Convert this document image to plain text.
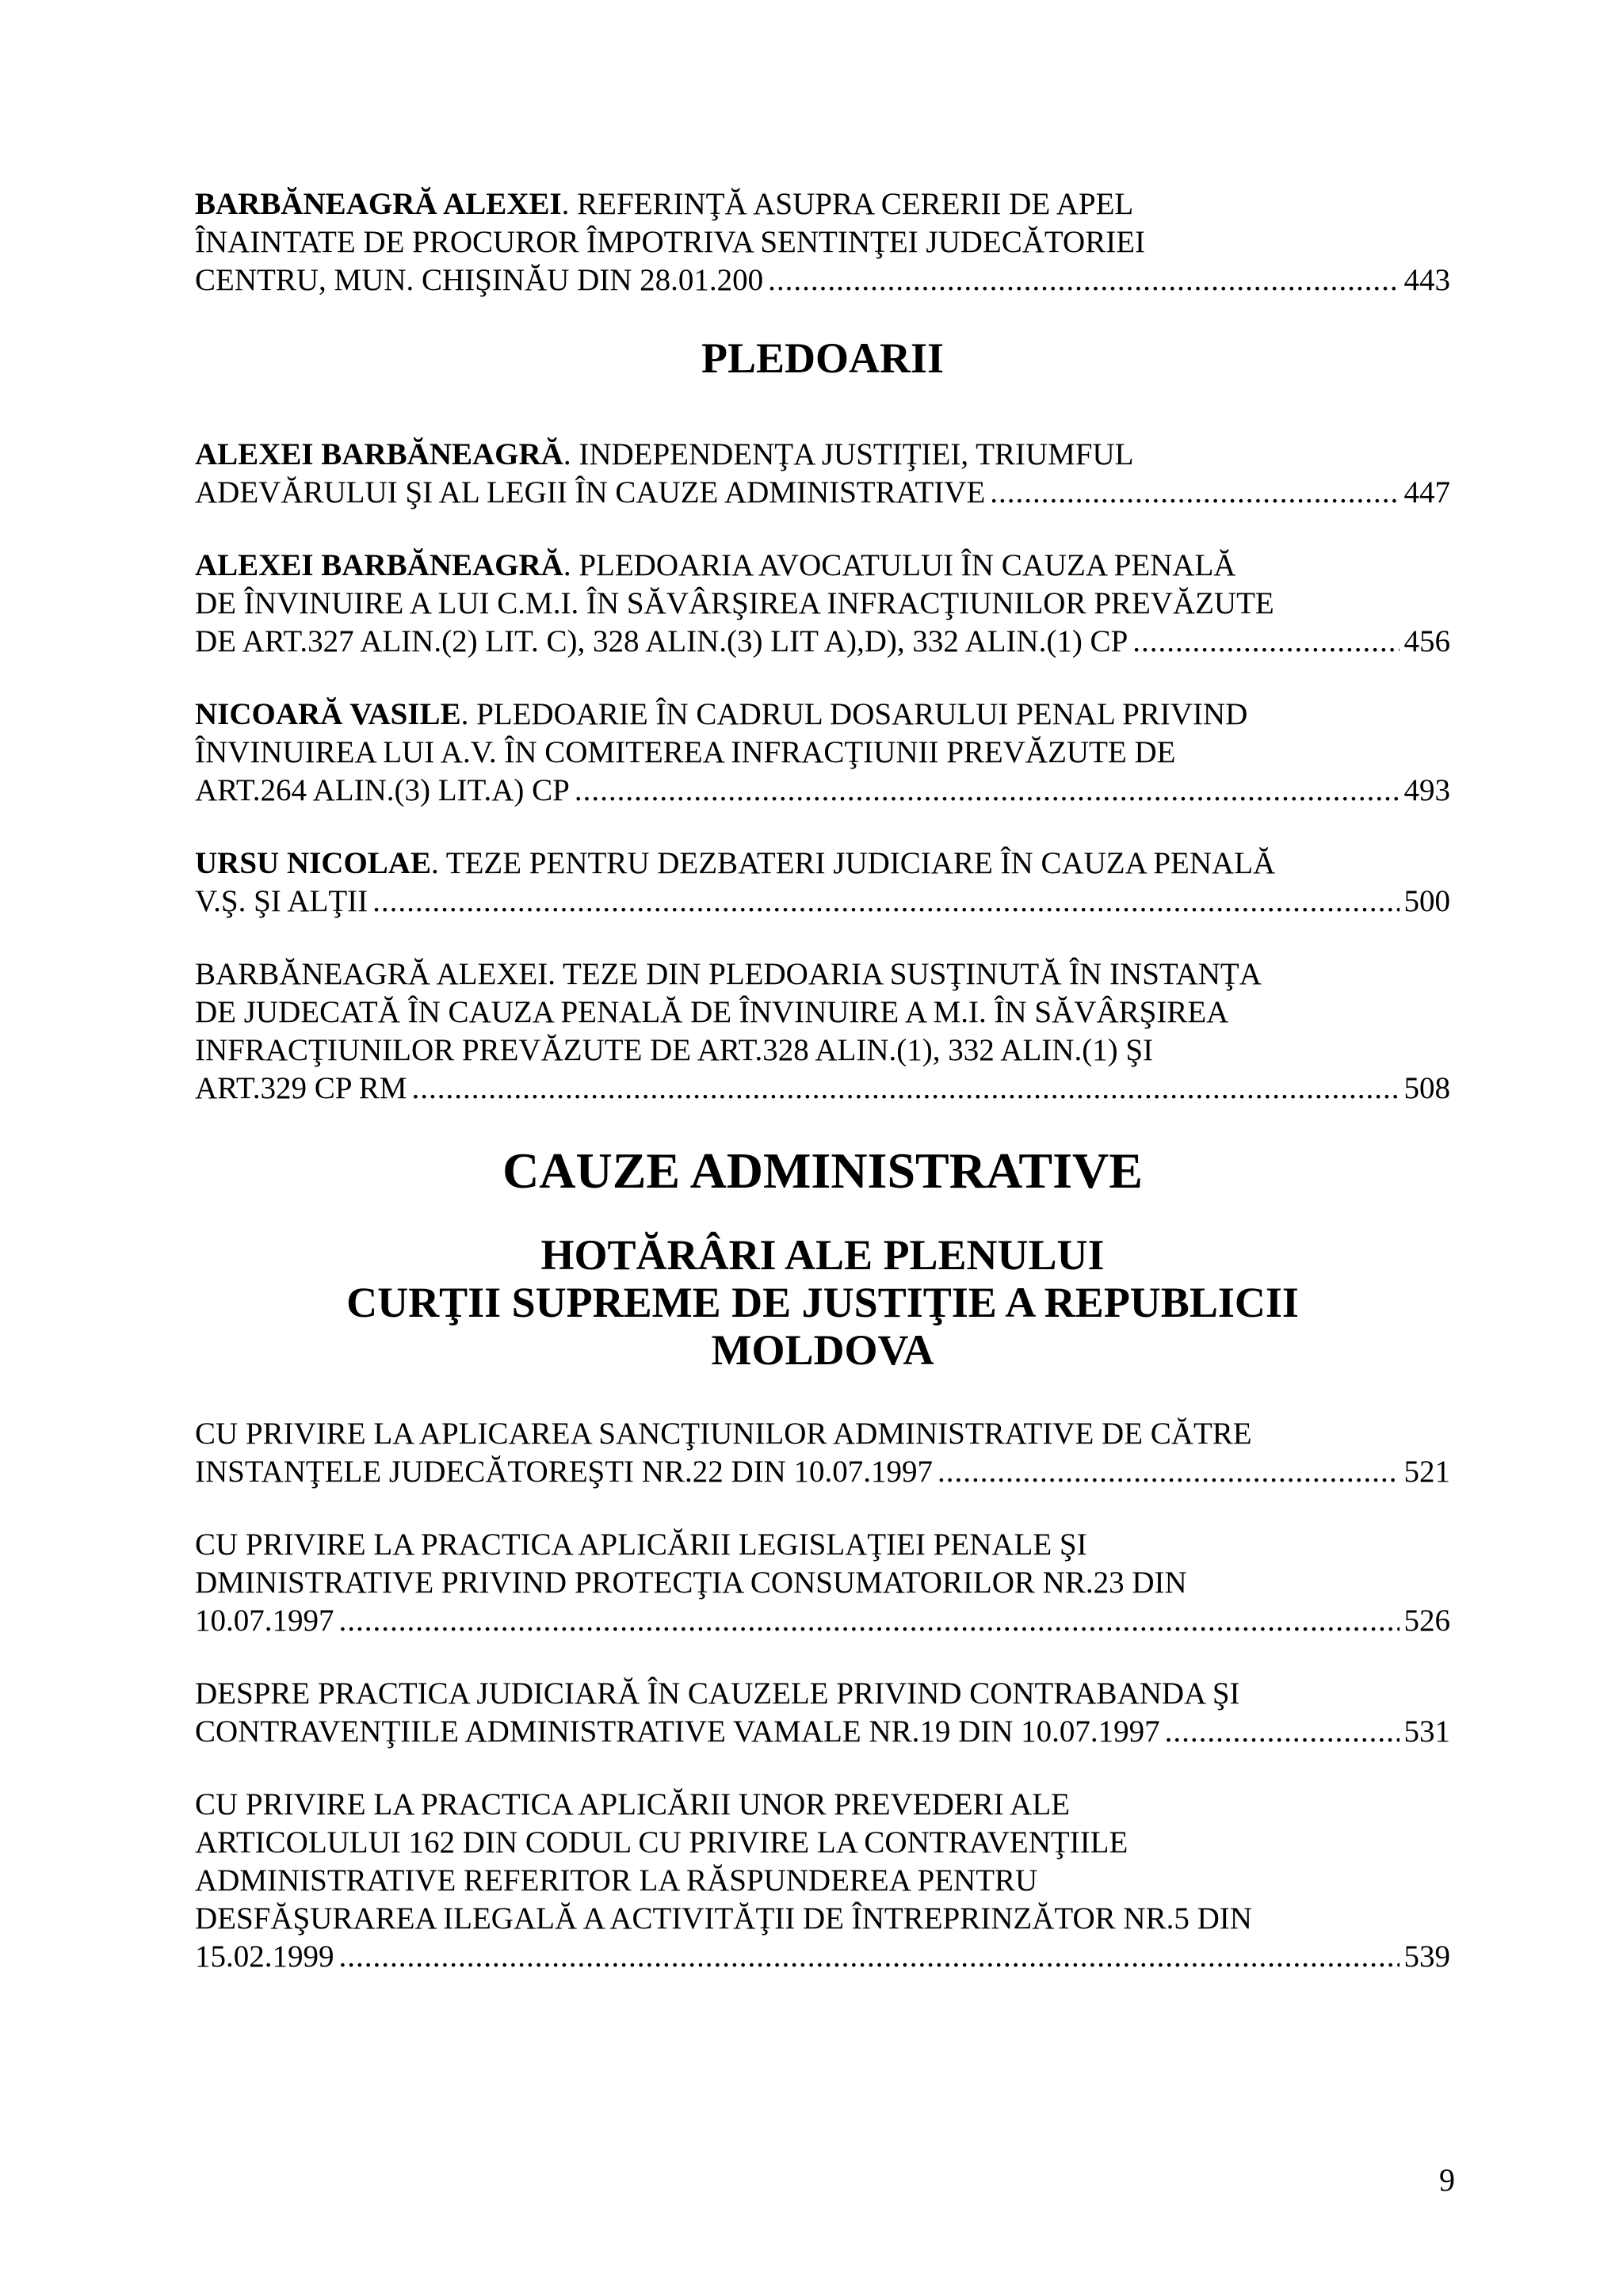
BARBĂNEAGRĂ ALEXEI. REFERINŢĂ ASUPRA CERERII DE APEL
ÎNAINTATE DE PROCUROR ÎMPOTRIVA SENTINŢEI JUDECĂTORIEI
CENTRU, MUN. CHIŞINĂU DIN 28.01.200 .....	443
PLEDOARII
ALEXEI BARBĂNEAGRĂ. INDEPENDENŢA JUSTIŢIEI, TRIUMFUL
ADEVĂRULUI ŞI AL LEGII ÎN CAUZE ADMINISTRATIVE .....	447
ALEXEI BARBĂNEAGRĂ. PLEDOARIA AVOCATULUI ÎN CAUZA PENALĂ
DE ÎNVINUIRE A LUI C.M.I. ÎN SĂVÂRŞIREA INFRACŢIUNILOR PREVĂZUTE
DE ART.327 ALIN.(2) LIT. C), 328 ALIN.(3) LIT A),D), 332 ALIN.(1) CP .....	456
NICOARĂ VASILE. PLEDOARIE ÎN CADRUL DOSARULUI PENAL PRIVIND
ÎNVINUIREA LUI A.V. ÎN COMITEREA INFRACŢIUNII PREVĂZUTE DE
ART.264 ALIN.(3) LIT.A) CP .....	493
URSU NICOLAE. TEZE PENTRU DEZBATERI JUDICIARE ÎN CAUZA PENALĂ
V.Ş. ŞI ALŢII .....	500
BARBĂNEAGRĂ ALEXEI. TEZE DIN PLEDOARIA SUSŢINUTĂ ÎN INSTANŢA
DE JUDECATĂ ÎN CAUZA PENALĂ DE ÎNVINUIRE A M.I. ÎN SĂVÂRŞIREA
INFRACŢIUNILOR PREVĂZUTE DE ART.328 ALIN.(1), 332 ALIN.(1) ŞI
ART.329 CP RM .....	508
CAUZE ADMINISTRATIVE
HOTĂRÂRI ALE PLENULUI
CURŢII SUPREME DE JUSTIŢIE A REPUBLICII
MOLDOVA
CU PRIVIRE LA APLICAREA SANCŢIUNILOR ADMINISTRATIVE DE CĂTRE
INSTANŢELE JUDECĂTOREŞTI NR.22 DIN 10.07.1997 .....	521
CU PRIVIRE LA PRACTICA APLICĂRII LEGISLAŢIEI PENALE ŞI
DMINISTRATIVE PRIVIND PROTECŢIA CONSUMATORILOR NR.23 DIN
10.07.1997 .....	526
DESPRE PRACTICA JUDICIARĂ ÎN CAUZELE PRIVIND CONTRABANDA ŞI
CONTRAVENŢIILE ADMINISTRATIVE VAMALE NR.19 DIN 10.07.1997 .....	531
CU PRIVIRE LA PRACTICA APLICĂRII UNOR PREVEDERI ALE
ARTICOLULUI 162 DIN CODUL CU PRIVIRE LA CONTRAVENŢIILE
ADMINISTRATIVE REFERITOR LA RĂSPUNDEREA PENTRU
DESFĂŞURAREA ILEGALĂ A ACTIVITĂŢII DE ÎNTREPRINZĂTOR NR.5 DIN
15.02.1999 .....	539
9
